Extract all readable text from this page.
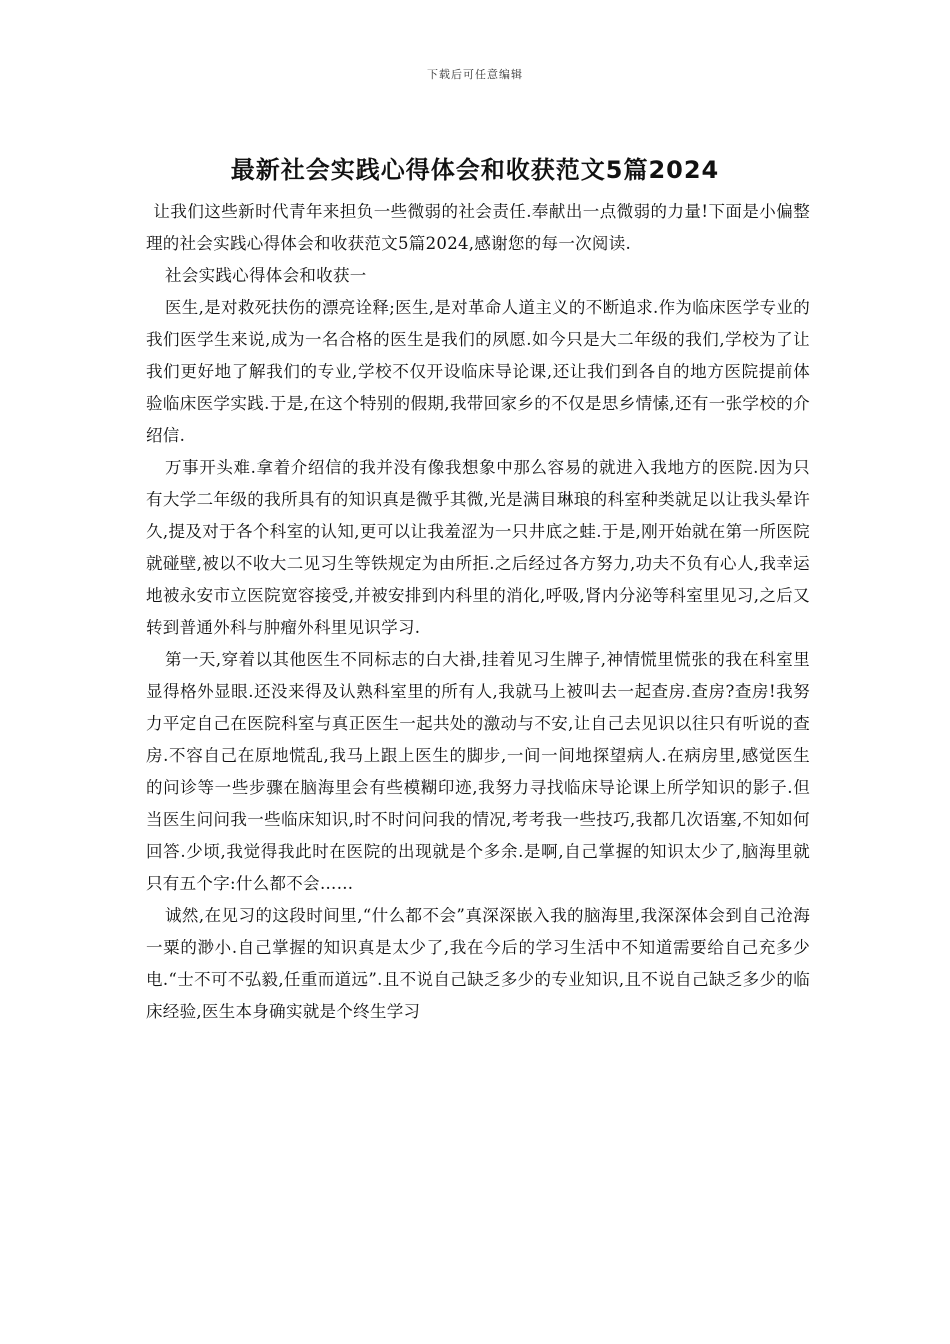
下载后可任意编辑
最新社会实践心得体会和收获范文5篇2024

让我们这些新时代青年来担负一些微弱的社会责任.奉献出一点微弱的力量!下面是小偏整理的社会实践心得体会和收获范文5篇2024,感谢您的每一次阅读.

社会实践心得体会和收获一

医生,是对救死扶伤的漂亮诠释;医生,是对革命人道主义的不断追求.作为临床医学专业的我们医学生来说,成为一名合格的医生是我们的夙愿.如今只是大二年级的我们,学校为了让我们更好地了解我们的专业,学校不仅开设临床导论课,还让我们到各自的地方医院提前体验临床医学实践.于是,在这个特别的假期,我带回家乡的不仅是思乡情愫,还有一张学校的介绍信.

万事开头难.拿着介绍信的我并没有像我想象中那么容易的就进入我地方的医院.因为只有大学二年级的我所具有的知识真是微乎其微,光是满目琳琅的科室种类就足以让我头晕许久,提及对于各个科室的认知,更可以让我羞涩为一只井底之蛙.于是,刚开始就在第一所医院就碰壁,被以不收大二见习生等铁规定为由所拒.之后经过各方努力,功夫不负有心人,我幸运地被永安市立医院宽容接受,并被安排到内科里的消化,呼吸,肾内分泌等科室里见习,之后又转到普通外科与肿瘤外科里见识学习.

第一天,穿着以其他医生不同标志的白大褂,挂着见习生牌子,神情慌里慌张的我在科室里显得格外显眼.还没来得及认熟科室里的所有人,我就马上被叫去一起查房.查房?查房!我努力平定自己在医院科室与真正医生一起共处的激动与不安,让自己去见识以往只有听说的查房.不容自己在原地慌乱,我马上跟上医生的脚步,一间一间地探望病人.在病房里,感觉医生的问诊等一些步骤在脑海里会有些模糊印迹,我努力寻找临床导论课上所学知识的影子.但当医生问问我一些临床知识,时不时问问我的情况,考考我一些技巧,我都几次语塞,不知如何回答.少顷,我觉得我此时在医院的出现就是个多余.是啊,自己掌握的知识太少了,脑海里就只有五个字:什么都不会……

诚然,在见习的这段时间里,“什么都不会”真深深嵌入我的脑海里,我深深体会到自己沧海一粟的渺小.自己掌握的知识真是太少了,我在今后的学习生活中不知道需要给自己充多少电.“士不可不弘毅,任重而道远”.且不说自己缺乏多少的专业知识,且不说自己缺乏多少的临床经验,医生本身确实就是个终生学习
